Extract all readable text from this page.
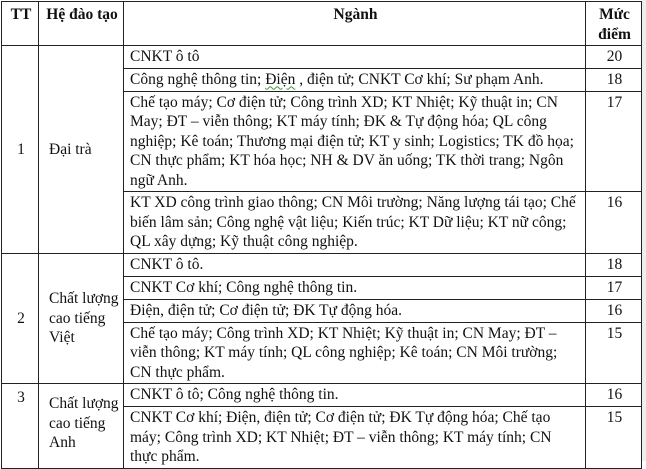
TT	Hệ đào tạo	Ngành	Mức điểm
1	Đại trà	CNKT ô tô	20
		Công nghệ thông tin; Điện , điện tử; CNKT Cơ khí; Sư phạm Anh.	18
		Chế tạo máy; Cơ điện tử; Công trình XD; KT Nhiệt; Kỹ thuật in; CN May; ĐT – viễn thông; KT máy tính; ĐK & Tự động hóa; QL công nghiệp; Kê toán; Thương mại điện tử; KT y sinh; Logistics; TK đồ họa; CN thực phẩm; KT hóa học; NH & DV ăn uống; TK thời trang; Ngôn ngữ Anh.	17
		KT XD công trình giao thông; CN Môi trường; Năng lượng tái tạo; Chế biến lâm sản; Công nghệ vật liệu; Kiến trúc; KT Dữ liệu; KT nữ công; QL xây dựng; Kỹ thuật công nghiệp.	16
2	Chất lượng cao tiếng Việt	CNKT ô tô.	18
		CNKT Cơ khí; Công nghệ thông tin.	17
		Điện, điện tử; Cơ điện tử; ĐK Tự động hóa.	16
		Chế tạo máy; Công trình XD; KT Nhiệt; Kỹ thuật in; CN May; ĐT – viễn thông; KT máy tính; QL công nghiệp; Kê toán; CN Môi trường; CN thực phẩm.	15
3	Chất lượng cao tiếng Anh	CNKT ô tô; Công nghệ thông tin.	16
		CNKT Cơ khí; Điện, điện tử; Cơ điện tử; ĐK Tự động hóa; Chế tạo máy; Công trình XD; KT Nhiệt; ĐT – viễn thông; KT máy tính; CN thực phẩm.	15
